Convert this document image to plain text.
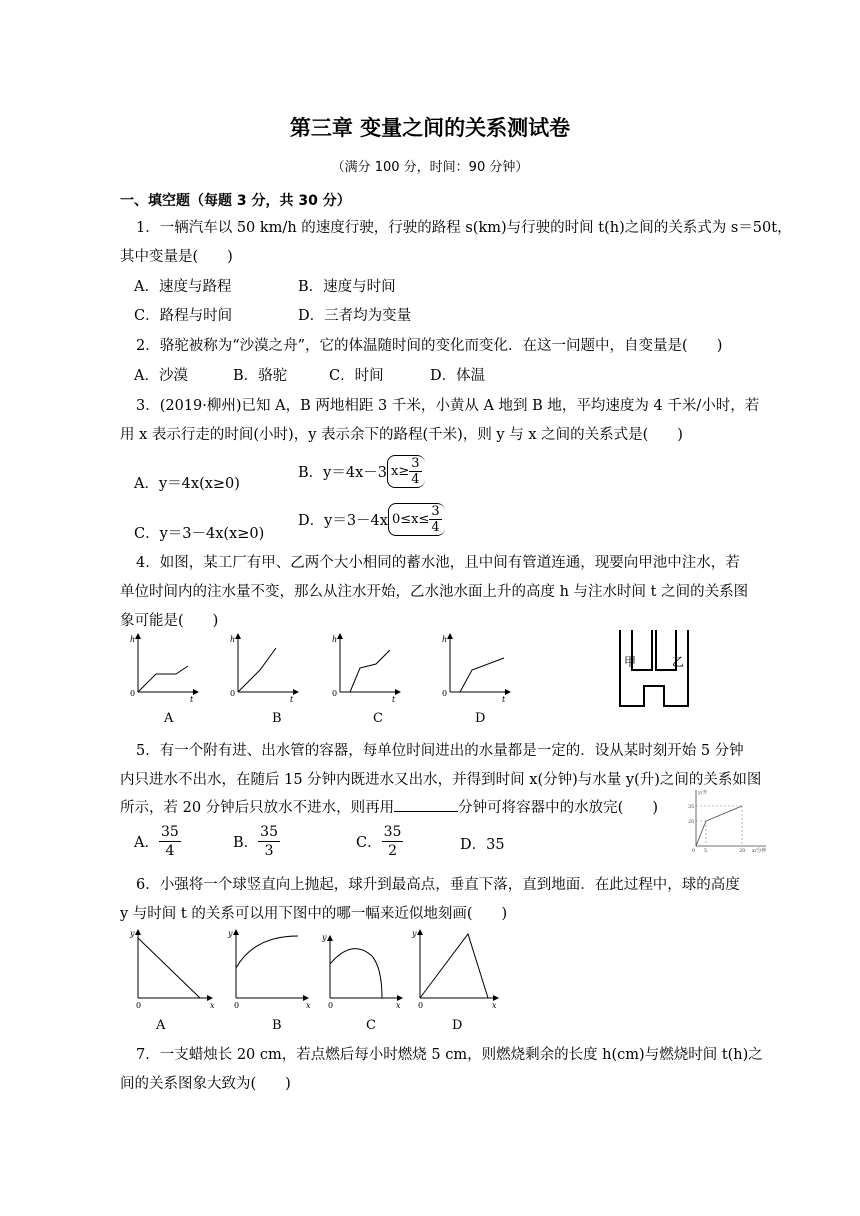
第三章 变量之间的关系测试卷
（满分 100 分，时间：90 分钟）
一、填空题（每题 3 分，共 30 分）
1．一辆汽车以 50 km/h 的速度行驶，行驶的路程 s(km)与行驶的时间 t(h)之间的关系式为 s＝50t，
其中变量是(　　)
A．速度与路程	B．速度与时间
C．路程与时间	D．三者均为变量
2．骆驼被称为“沙漠之舟”，它的体温随时间的变化而变化．在这一问题中，自变量是(　　)
A．沙漠	B．骆驼	C．时间	D．体温
3．(2019·柳州)已知 A，B 两地相距 3 千米，小黄从 A 地到 B 地，平均速度为 4 千米/小时，若
用 x 表示行走的时间(小时)，y 表示余下的路程(千米)，则 y 与 x 之间的关系式是(　　)
A．y＝4x(x≥0)
B．y＝4x－3 $x\ge \frac{3}{4}$
C．y＝3－4x(x≥0)
D．y＝3－4x $0\le x\le \frac{3}{4}$
4．如图，某工厂有甲、乙两个大小相同的蓄水池，且中间有管道连通，现要向甲池中注水，若
单位时间内的注水量不变，那么从注水开始，乙水池水面上升的高度 h 与注水时间 t 之间的关系图
象可能是(　　)
h
0
t
A
h
0
t
B
h
0
t
C
h
0
t
D
甲	乙
5．有一个附有进、出水管的容器，每单位时间进出的水量都是一定的．设从某时刻开始 5 分钟
内只进水不出水，在随后 15 分钟内既进水又出水，并得到时间 x(分钟)与水量 y(升)之间的关系如图
所示，若 20 分钟后只放水不进水，则再用	分钟可将容器中的水放完(　　)
A． $\frac{35}{4}$	B． $\frac{35}{3}$	C． $\frac{35}{2}$	D．35
y/升
35
20
0 5	20 x/分钟
6．小强将一个球竖直向上抛起，球升到最高点，垂直下落，直到地面．在此过程中，球的高度
y 与时间 t 的关系可以用下图中的哪一幅来近似地刻画(　　)
y
0	x
A
y
0	x
B
y
0	x
C
y
0	x
D
7．一支蜡烛长 20 cm，若点燃后每小时燃烧 5 cm，则燃烧剩余的长度 h(cm)与燃烧时间 t(h)之
间的关系图象大致为(　　)
